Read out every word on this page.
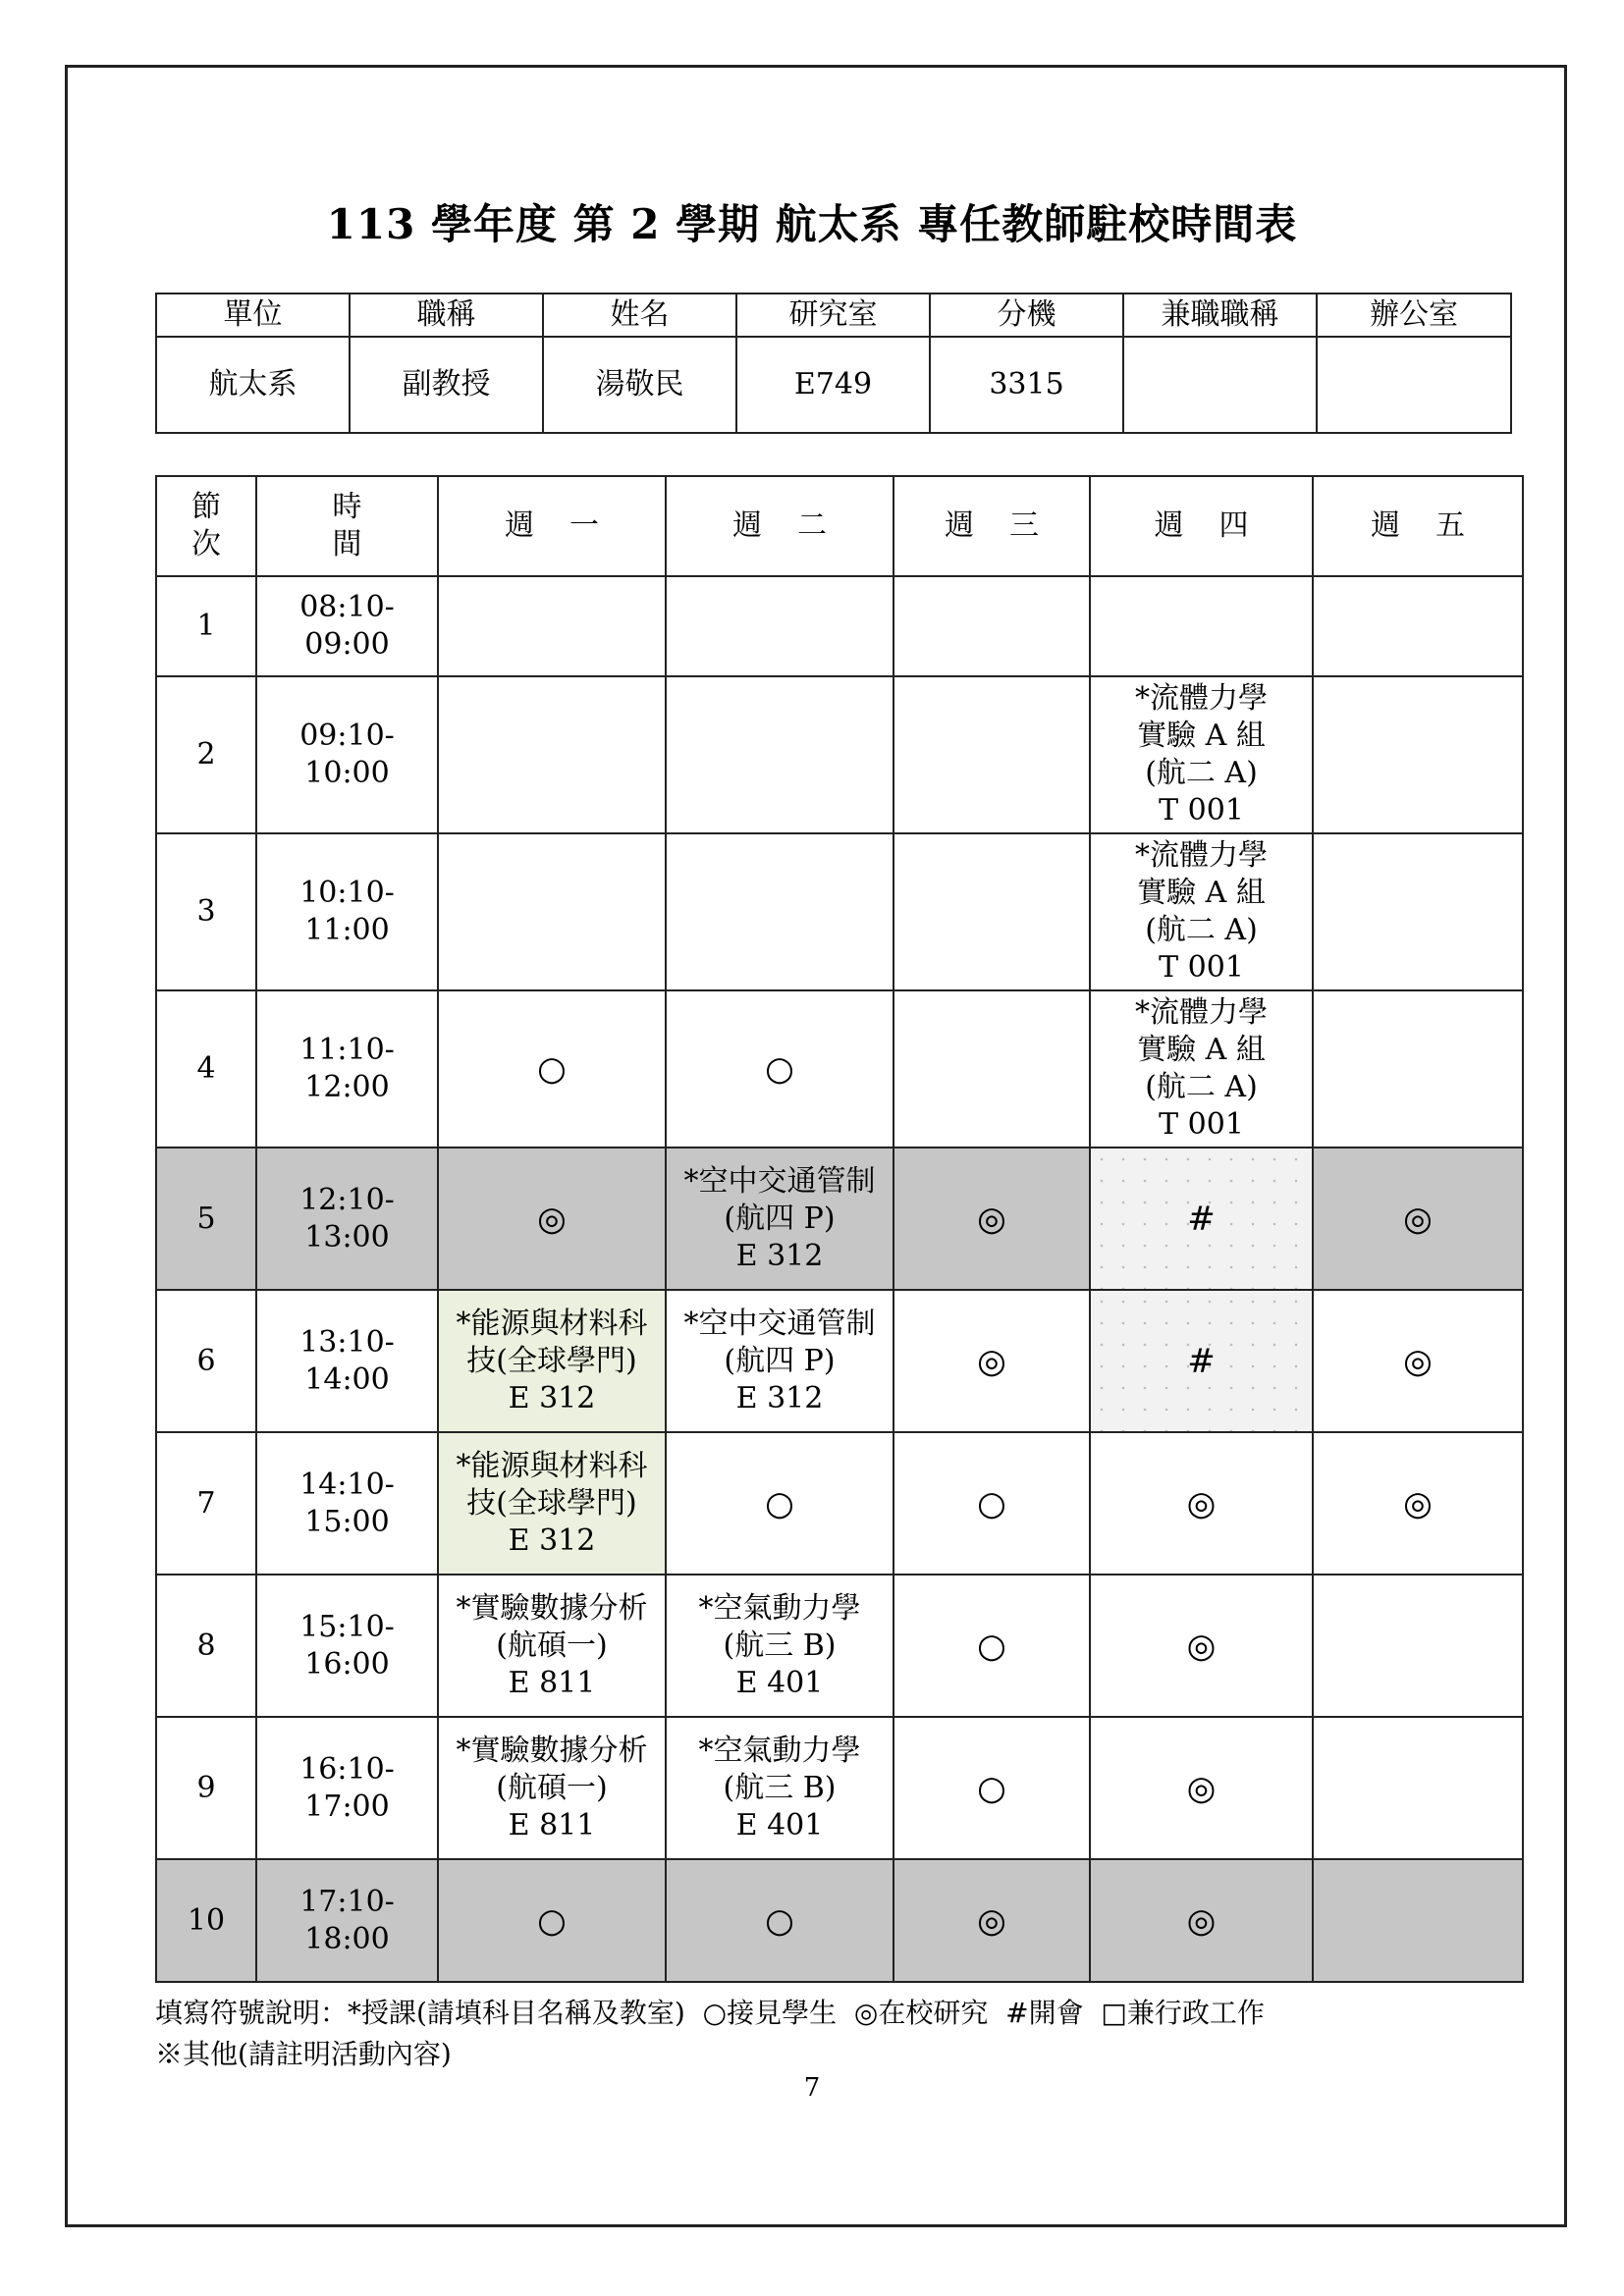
113 學年度 第 2 學期 航太系 專任教師駐校時間表
單位	職稱	姓名	研究室	分機	兼職職稱	辦公室
航太系	副教授	湯敬民	E749	3315		
節
次	時 間	週一	週二	週三	週四	週五
1	08:10-09:00					
2	09:10-10:00				*流體力學
實驗 A 組
(航二 A)
T 001	
3	10:10-11:00				*流體力學
實驗 A 組
(航二 A)
T 001	
4	11:10-12:00	○	○		*流體力學
實驗 A 組
(航二 A)
T 001	
5	12:10-13:00	◎	*空中交通管制
(航四 P)
E 312	◎	#	◎
6	13:10-14:00	*能源與材料科
技(全球學門)
E 312	*空中交通管制
(航四 P)
E 312	◎	#	◎
7	14:10-15:00	*能源與材料科
技(全球學門)
E 312	○	○	◎	◎
8	15:10-16:00	*實驗數據分析
(航碩一)
E 811	*空氣動力學
(航三 B)
E 401	○	◎	
9	16:10-17:00	*實驗數據分析
(航碩一)
E 811	*空氣動力學
(航三 B)
E 401	○	◎	
10	17:10-18:00	○	○	◎	◎	
填寫符號說明：*授課(請填科目名稱及教室)  ○接見學生  ◎在校研究  #開會  □兼行政工作
※其他(請註明活動內容)
7
